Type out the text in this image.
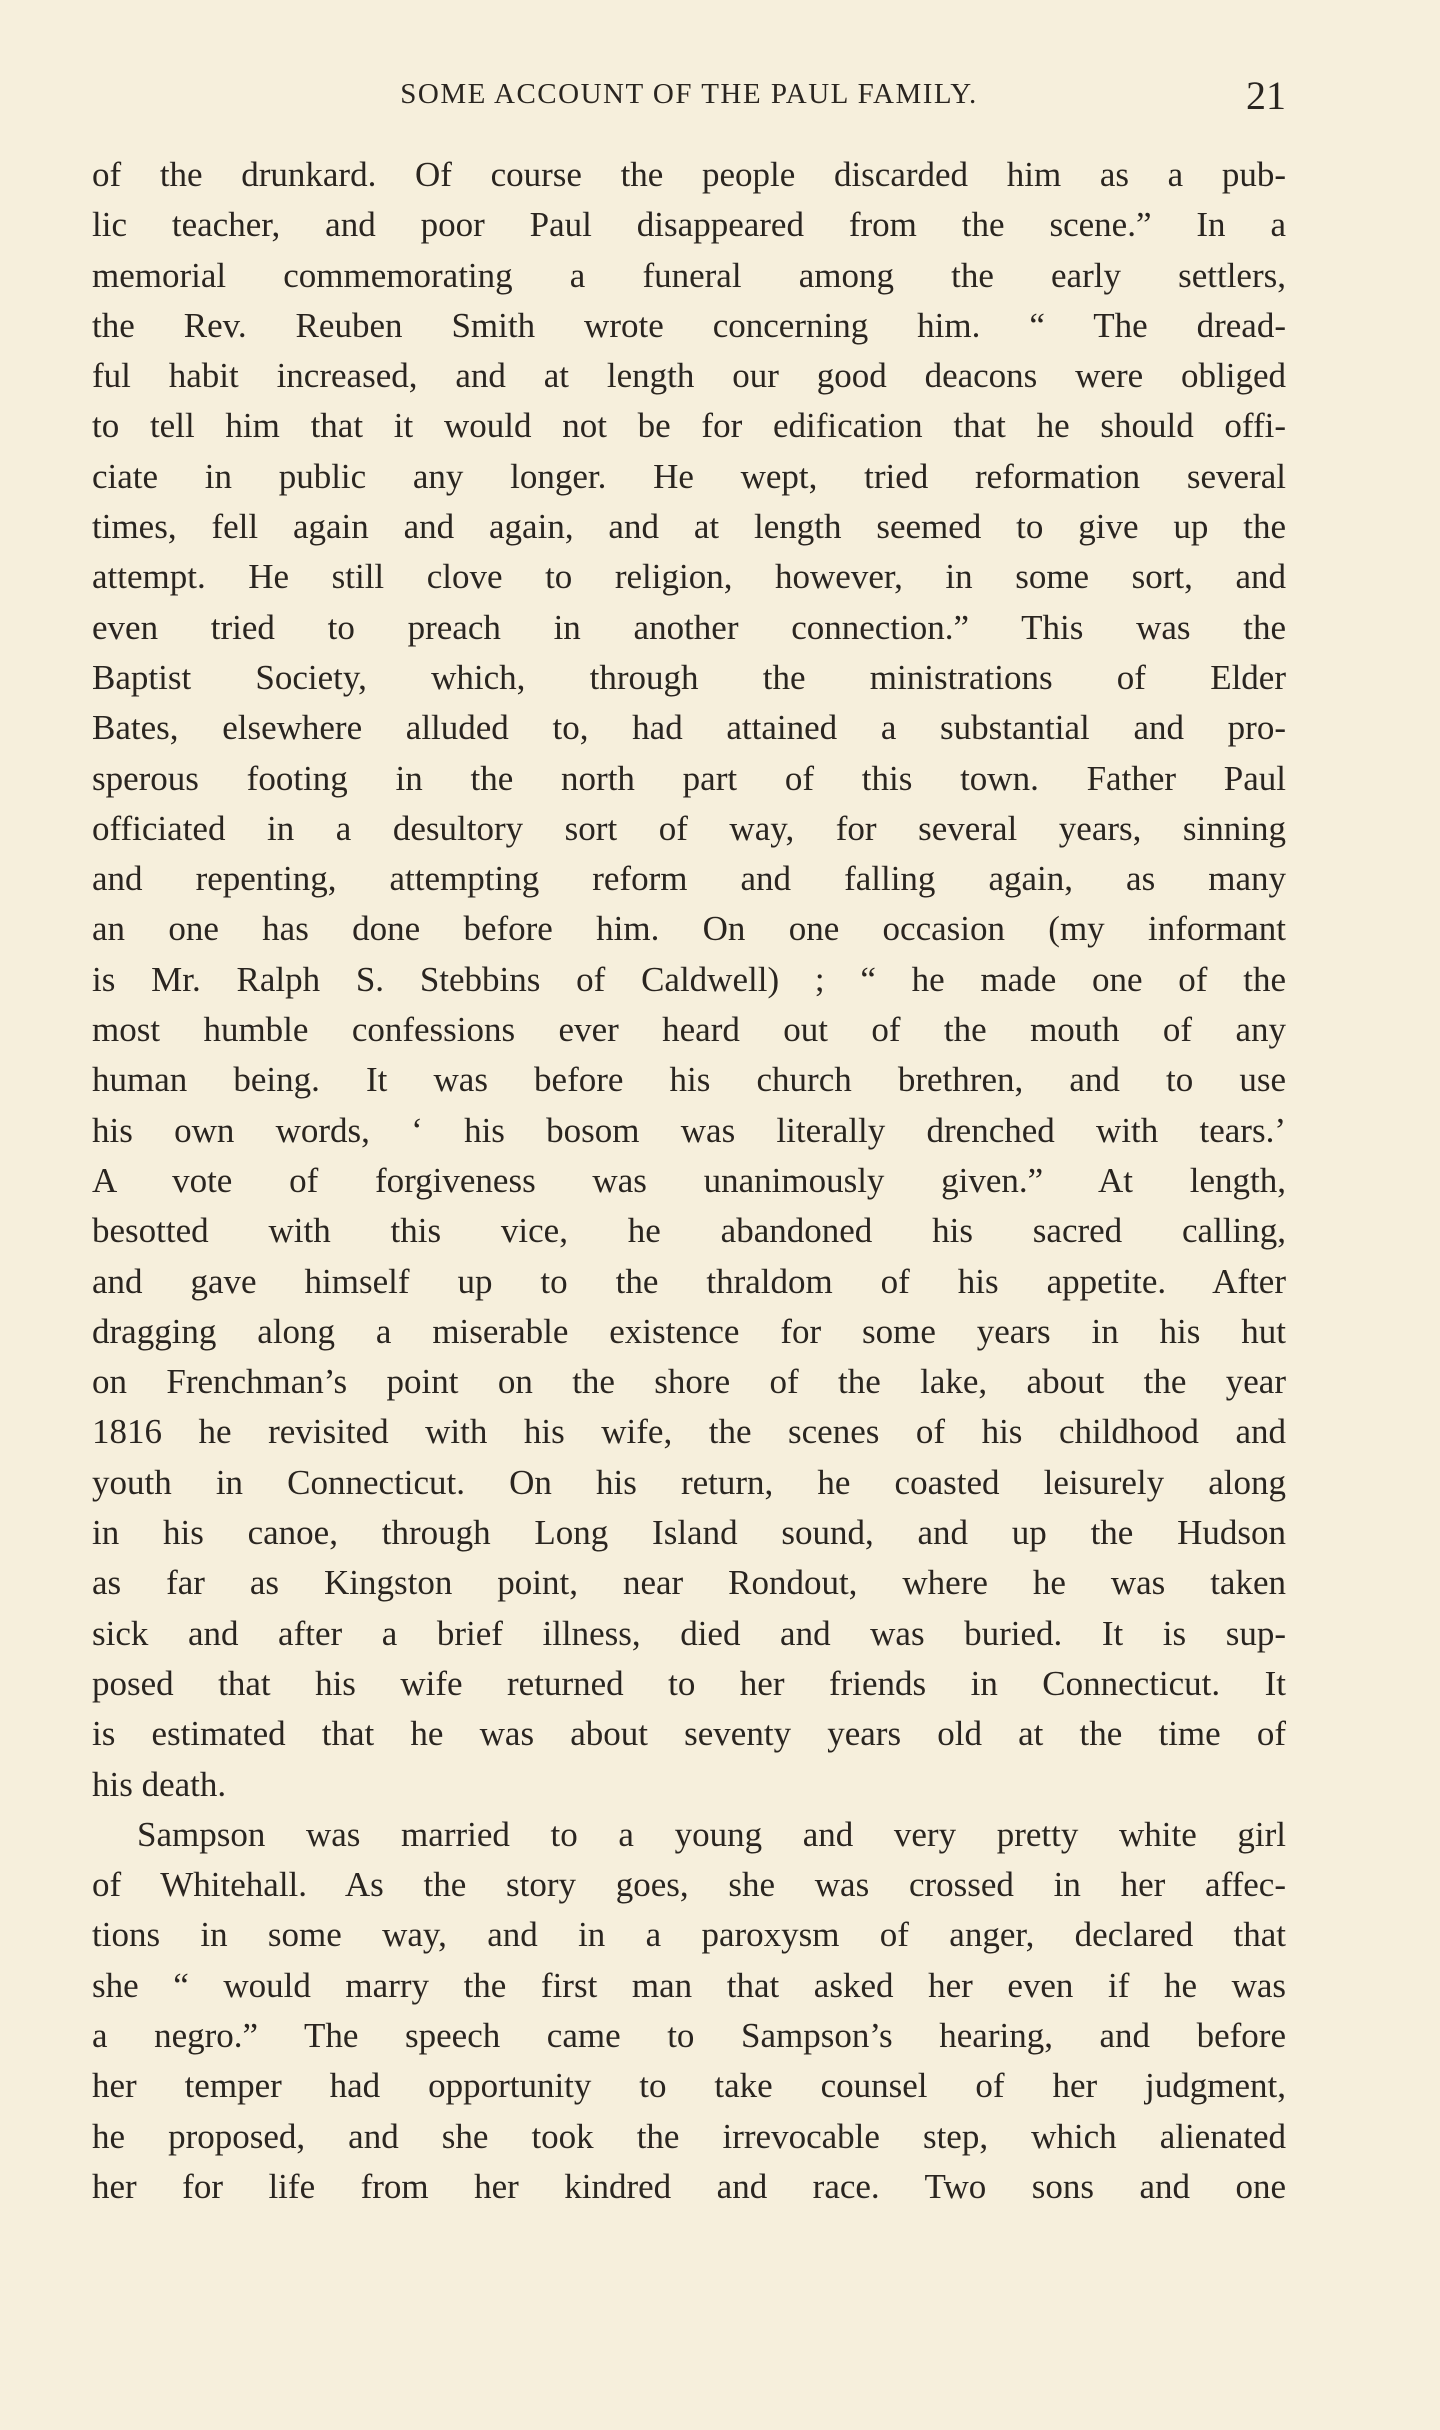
SOME ACCOUNT OF THE PAUL FAMILY.	21
of the drunkard. Of course the people discarded him as a pub-
lic teacher, and poor Paul disappeared from the scene.” In a
memorial commemorating a funeral among the early settlers,
the Rev. Reuben Smith wrote concerning him. “ The dread-
ful habit increased, and at length our good deacons were obliged
to tell him that it would not be for edification that he should offi-
ciate in public any longer. He wept, tried reformation several
times, fell again and again, and at length seemed to give up the
attempt. He still clove to religion, however, in some sort, and
even tried to preach in another connection.” This was the
Baptist Society, which, through the ministrations of Elder
Bates, elsewhere alluded to, had attained a substantial and pro-
sperous footing in the north part of this town. Father Paul
officiated in a desultory sort of way, for several years, sinning
and repenting, attempting reform and falling again, as many
an one has done before him. On one occasion (my informant
is Mr. Ralph S. Stebbins of Caldwell) ; “ he made one of the
most humble confessions ever heard out of the mouth of any
human being. It was before his church brethren, and to use
his own words, ‘ his bosom was literally drenched with tears.’
A vote of forgiveness was unanimously given.” At length,
besotted with this vice, he abandoned his sacred calling,
and gave himself up to the thraldom of his appetite. After
dragging along a miserable existence for some years in his hut
on Frenchman’s point on the shore of the lake, about the year
1816 he revisited with his wife, the scenes of his childhood and
youth in Connecticut. On his return, he coasted leisurely along
in his canoe, through Long Island sound, and up the Hudson
as far as Kingston point, near Rondout, where he was taken
sick and after a brief illness, died and was buried. It is sup-
posed that his wife returned to her friends in Connecticut. It
is estimated that he was about seventy years old at the time of
his death.
Sampson was married to a young and very pretty white girl
of Whitehall. As the story goes, she was crossed in her affec-
tions in some way, and in a paroxysm of anger, declared that
she “ would marry the first man that asked her even if he was
a negro.” The speech came to Sampson’s hearing, and before
her temper had opportunity to take counsel of her judgment,
he proposed, and she took the irrevocable step, which alienated
her for life from her kindred and race. Two sons and one
